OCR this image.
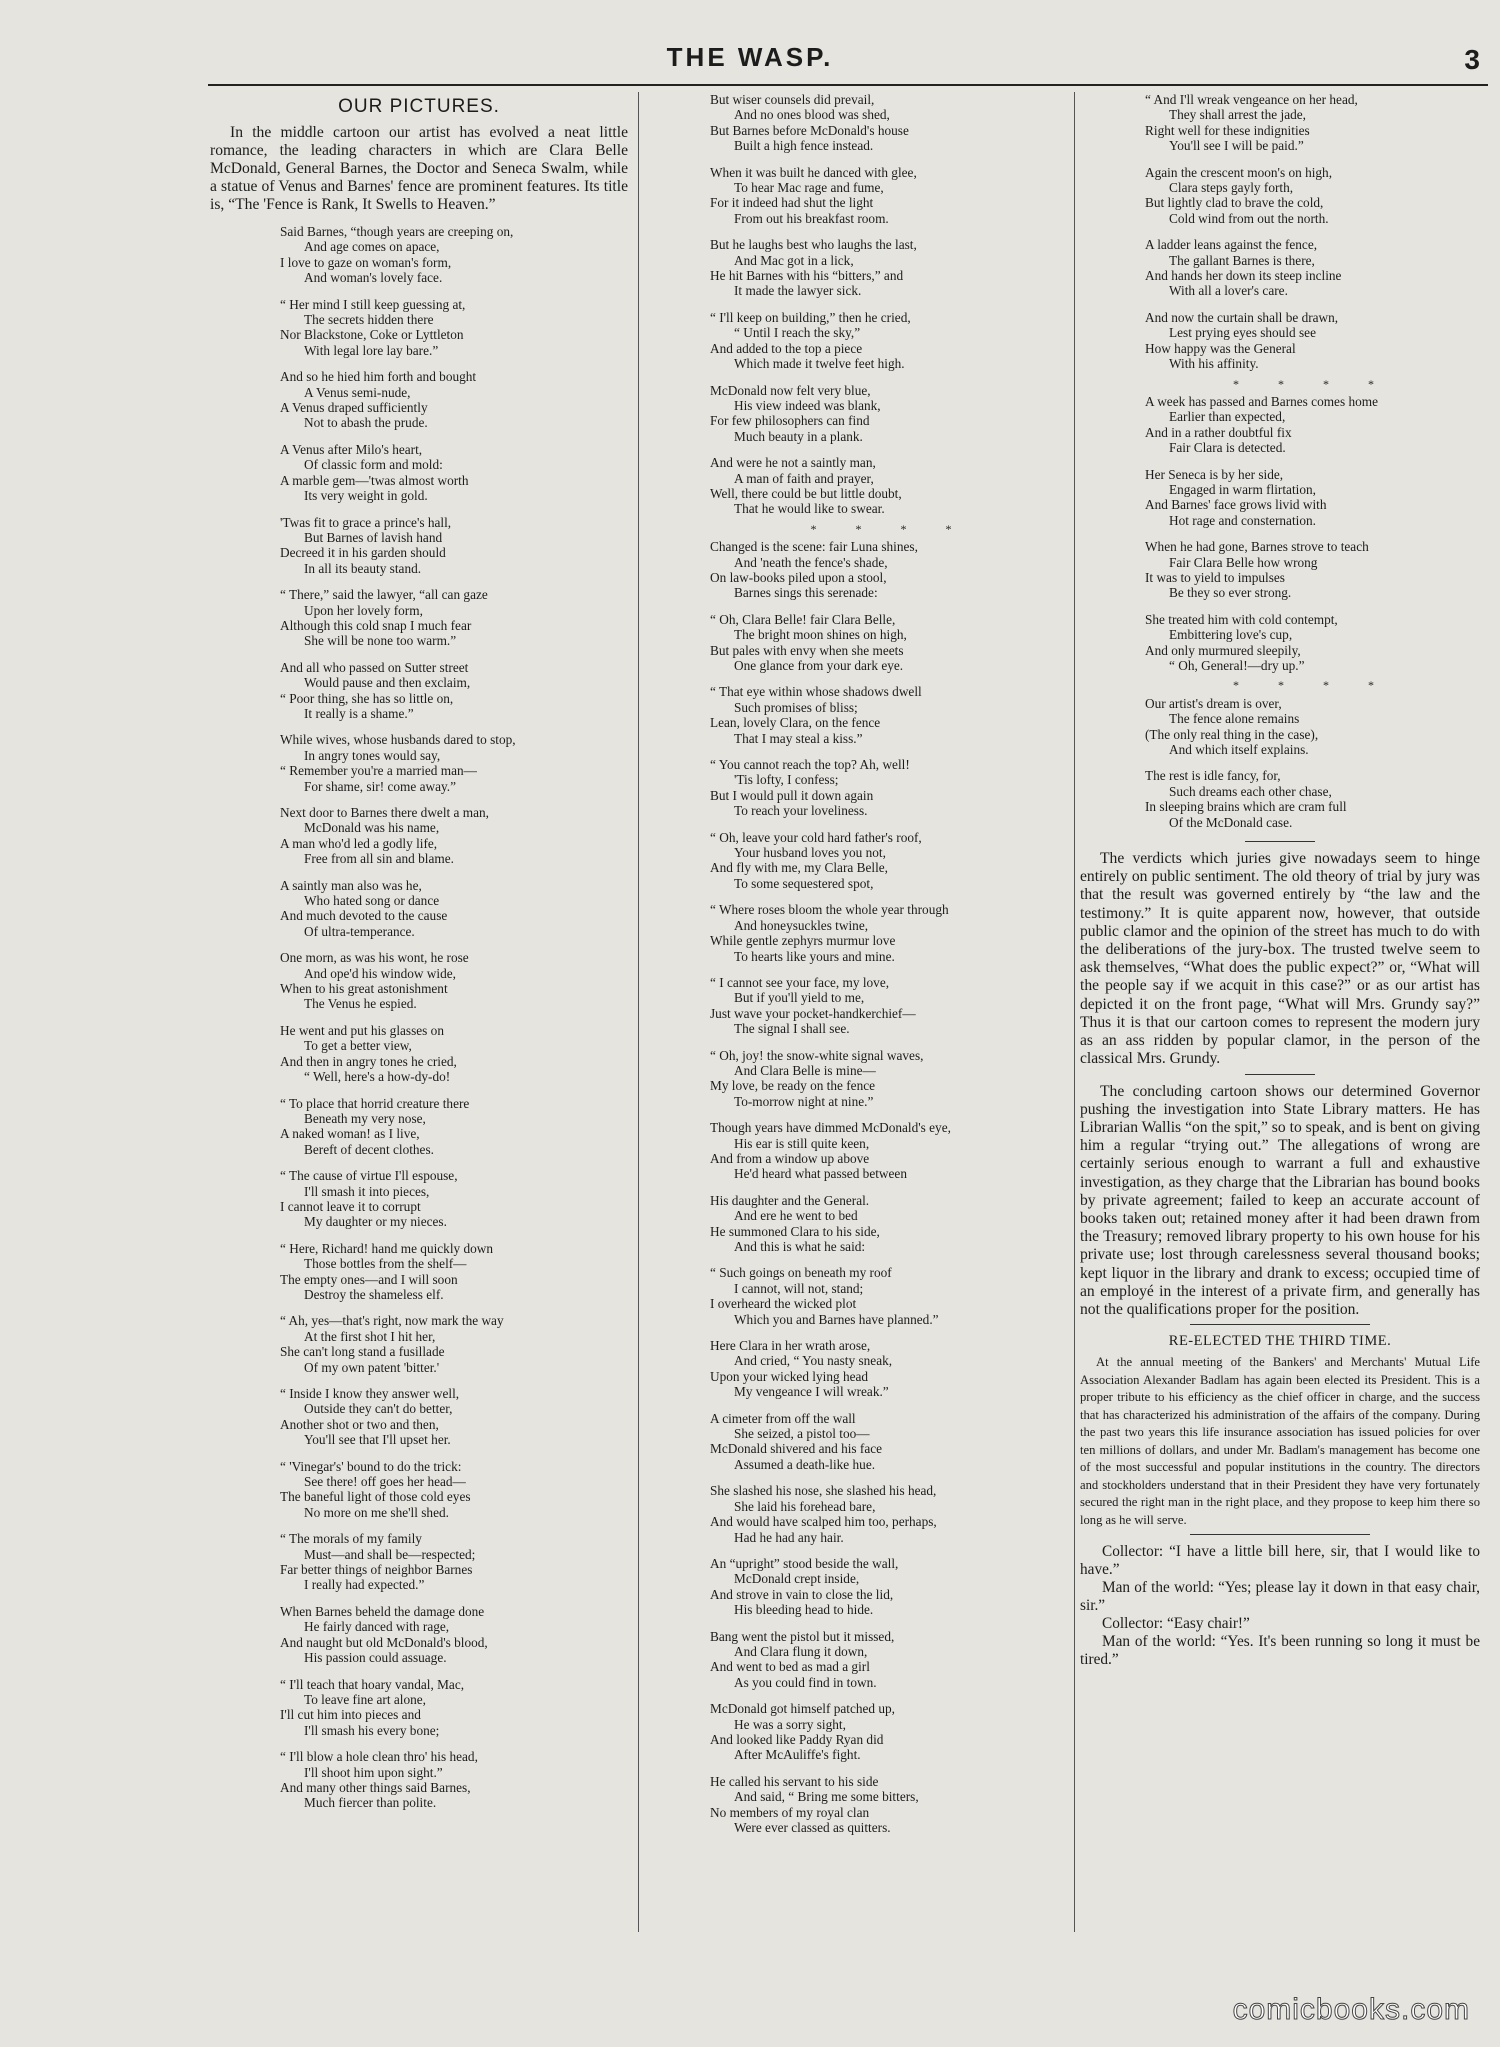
THE WASP.	3
OUR PICTURES.

In the middle cartoon our artist has evolved a neat little romance, the leading characters in which are Clara Belle McDonald, General Barnes, the Doctor and Seneca Swalm, while a statue of Venus and Barnes' fence are prominent features. Its title is, “The 'Fence is Rank, It Swells to Heaven.”

Said Barnes, “though years are creeping on,
And age comes on apace,
I love to gaze on woman's form,
And woman's lovely face.
“ Her mind I still keep guessing at,
The secrets hidden there
Nor Blackstone, Coke or Lyttleton
With legal lore lay bare.”
And so he hied him forth and bought
A Venus semi-nude,
A Venus draped sufficiently
Not to abash the prude.
A Venus after Milo's heart,
Of classic form and mold:
A marble gem—'twas almost worth
Its very weight in gold.
'Twas fit to grace a prince's hall,
But Barnes of lavish hand
Decreed it in his garden should
In all its beauty stand.
“ There,” said the lawyer, “all can gaze
Upon her lovely form,
Although this cold snap I much fear
She will be none too warm.”
And all who passed on Sutter street
Would pause and then exclaim,
“ Poor thing, she has so little on,
It really is a shame.”
While wives, whose husbands dared to stop,
In angry tones would say,
“ Remember you're a married man—
For shame, sir! come away.”
Next door to Barnes there dwelt a man,
McDonald was his name,
A man who'd led a godly life,
Free from all sin and blame.
A saintly man also was he,
Who hated song or dance
And much devoted to the cause
Of ultra-temperance.
One morn, as was his wont, he rose
And ope'd his window wide,
When to his great astonishment
The Venus he espied.
He went and put his glasses on
To get a better view,
And then in angry tones he cried,
“ Well, here's a how-dy-do!
“ To place that horrid creature there
Beneath my very nose,
A naked woman! as I live,
Bereft of decent clothes.
“ The cause of virtue I'll espouse,
I'll smash it into pieces,
I cannot leave it to corrupt
My daughter or my nieces.
“ Here, Richard! hand me quickly down
Those bottles from the shelf—
The empty ones—and I will soon
Destroy the shameless elf.
“ Ah, yes—that's right, now mark the way
At the first shot I hit her,
She can't long stand a fusillade
Of my own patent 'bitter.'
“ Inside I know they answer well,
Outside they can't do better,
Another shot or two and then,
You'll see that I'll upset her.
“ 'Vinegar's' bound to do the trick:
See there! off goes her head—
The baneful light of those cold eyes
No more on me she'll shed.
“ The morals of my family
Must—and shall be—respected;
Far better things of neighbor Barnes
I really had expected.”
When Barnes beheld the damage done
He fairly danced with rage,
And naught but old McDonald's blood,
His passion could assuage.
“ I'll teach that hoary vandal, Mac,
To leave fine art alone,
I'll cut him into pieces and
I'll smash his every bone;
“ I'll blow a hole clean thro' his head,
I'll shoot him upon sight.”
And many other things said Barnes,
Much fiercer than polite.
But wiser counsels did prevail,
And no ones blood was shed,
But Barnes before McDonald's house
Built a high fence instead.
When it was built he danced with glee,
To hear Mac rage and fume,
For it indeed had shut the light
From out his breakfast room.
But he laughs best who laughs the last,
And Mac got in a lick,
He hit Barnes with his “bitters,” and
It made the lawyer sick.
“ I'll keep on building,” then he cried,
“ Until I reach the sky,”
And added to the top a piece
Which made it twelve feet high.
McDonald now felt very blue,
His view indeed was blank,
For few philosophers can find
Much beauty in a plank.
And were he not a saintly man,
A man of faith and prayer,
Well, there could be but little doubt,
That he would like to swear.
* * * *
Changed is the scene: fair Luna shines,
And 'neath the fence's shade,
On law-books piled upon a stool,
Barnes sings this serenade:
“ Oh, Clara Belle! fair Clara Belle,
The bright moon shines on high,
But pales with envy when she meets
One glance from your dark eye.
“ That eye within whose shadows dwell
Such promises of bliss;
Lean, lovely Clara, on the fence
That I may steal a kiss.”
“ You cannot reach the top? Ah, well!
'Tis lofty, I confess;
But I would pull it down again
To reach your loveliness.
“ Oh, leave your cold hard father's roof,
Your husband loves you not,
And fly with me, my Clara Belle,
To some sequestered spot,
“ Where roses bloom the whole year through
And honeysuckles twine,
While gentle zephyrs murmur love
To hearts like yours and mine.
“ I cannot see your face, my love,
But if you'll yield to me,
Just wave your pocket-handkerchief—
The signal I shall see.
“ Oh, joy! the snow-white signal waves,
And Clara Belle is mine—
My love, be ready on the fence
To-morrow night at nine.”
Though years have dimmed McDonald's eye,
His ear is still quite keen,
And from a window up above
He'd heard what passed between
His daughter and the General.
And ere he went to bed
He summoned Clara to his side,
And this is what he said:
“ Such goings on beneath my roof
I cannot, will not, stand;
I overheard the wicked plot
Which you and Barnes have planned.”
Here Clara in her wrath arose,
And cried, “ You nasty sneak,
Upon your wicked lying head
My vengeance I will wreak.”
A cimeter from off the wall
She seized, a pistol too—
McDonald shivered and his face
Assumed a death-like hue.
She slashed his nose, she slashed his head,
She laid his forehead bare,
And would have scalped him too, perhaps,
Had he had any hair.
An “upright” stood beside the wall,
McDonald crept inside,
And strove in vain to close the lid,
His bleeding head to hide.
Bang went the pistol but it missed,
And Clara flung it down,
And went to bed as mad a girl
As you could find in town.
McDonald got himself patched up,
He was a sorry sight,
And looked like Paddy Ryan did
After McAuliffe's fight.
He called his servant to his side
And said, “ Bring me some bitters,
No members of my royal clan
Were ever classed as quitters.
“ And I'll wreak vengeance on her head,
They shall arrest the jade,
Right well for these indignities
You'll see I will be paid.”
Again the crescent moon's on high,
Clara steps gayly forth,
But lightly clad to brave the cold,
Cold wind from out the north.
A ladder leans against the fence,
The gallant Barnes is there,
And hands her down its steep incline
With all a lover's care.
And now the curtain shall be drawn,
Lest prying eyes should see
How happy was the General
With his affinity.
* * * *
A week has passed and Barnes comes home
Earlier than expected,
And in a rather doubtful fix
Fair Clara is detected.
Her Seneca is by her side,
Engaged in warm flirtation,
And Barnes' face grows livid with
Hot rage and consternation.
When he had gone, Barnes strove to teach
Fair Clara Belle how wrong
It was to yield to impulses
Be they so ever strong.
She treated him with cold contempt,
Embittering love's cup,
And only murmured sleepily,
“ Oh, General!—dry up.”
* * * *
Our artist's dream is over,
The fence alone remains
(The only real thing in the case),
And which itself explains.
The rest is idle fancy, for,
Such dreams each other chase,
In sleeping brains which are cram full
Of the McDonald case.

The verdicts which juries give nowadays seem to hinge entirely on public sentiment. The old theory of trial by jury was that the result was governed entirely by “the law and the testimony.” It is quite apparent now, however, that outside public clamor and the opinion of the street has much to do with the deliberations of the jury-box. The trusted twelve seem to ask themselves, “What does the public expect?” or, “What will the people say if we acquit in this case?” or as our artist has depicted it on the front page, “What will Mrs. Grundy say?” Thus it is that our cartoon comes to represent the modern jury as an ass ridden by popular clamor, in the person of the classical Mrs. Grundy.

The concluding cartoon shows our determined Governor pushing the investigation into State Library matters. He has Librarian Wallis “on the spit,” so to speak, and is bent on giving him a regular “trying out.” The allegations of wrong are certainly serious enough to warrant a full and exhaustive investigation, as they charge that the Librarian has bound books by private agreement; failed to keep an accurate account of books taken out; retained money after it had been drawn from the Treasury; removed library property to his own house for his private use; lost through carelessness several thousand books; kept liquor in the library and drank to excess; occupied time of an employé in the interest of a private firm, and generally has not the qualifications proper for the position.

RE-ELECTED THE THIRD TIME.

At the annual meeting of the Bankers' and Merchants' Mutual Life Association Alexander Badlam has again been elected its President. This is a proper tribute to his efficiency as the chief officer in charge, and the success that has characterized his administration of the affairs of the company. During the past two years this life insurance association has issued policies for over ten millions of dollars, and under Mr. Badlam's management has become one of the most successful and popular institutions in the country. The directors and stockholders understand that in their President they have very fortunately secured the right man in the right place, and they propose to keep him there so long as he will serve.

Collector: “I have a little bill here, sir, that I would like to have.”

Man of the world: “Yes; please lay it down in that easy chair, sir.”

Collector: “Easy chair!”

Man of the world: “Yes. It's been running so long it must be tired.”

comicbooks.com
